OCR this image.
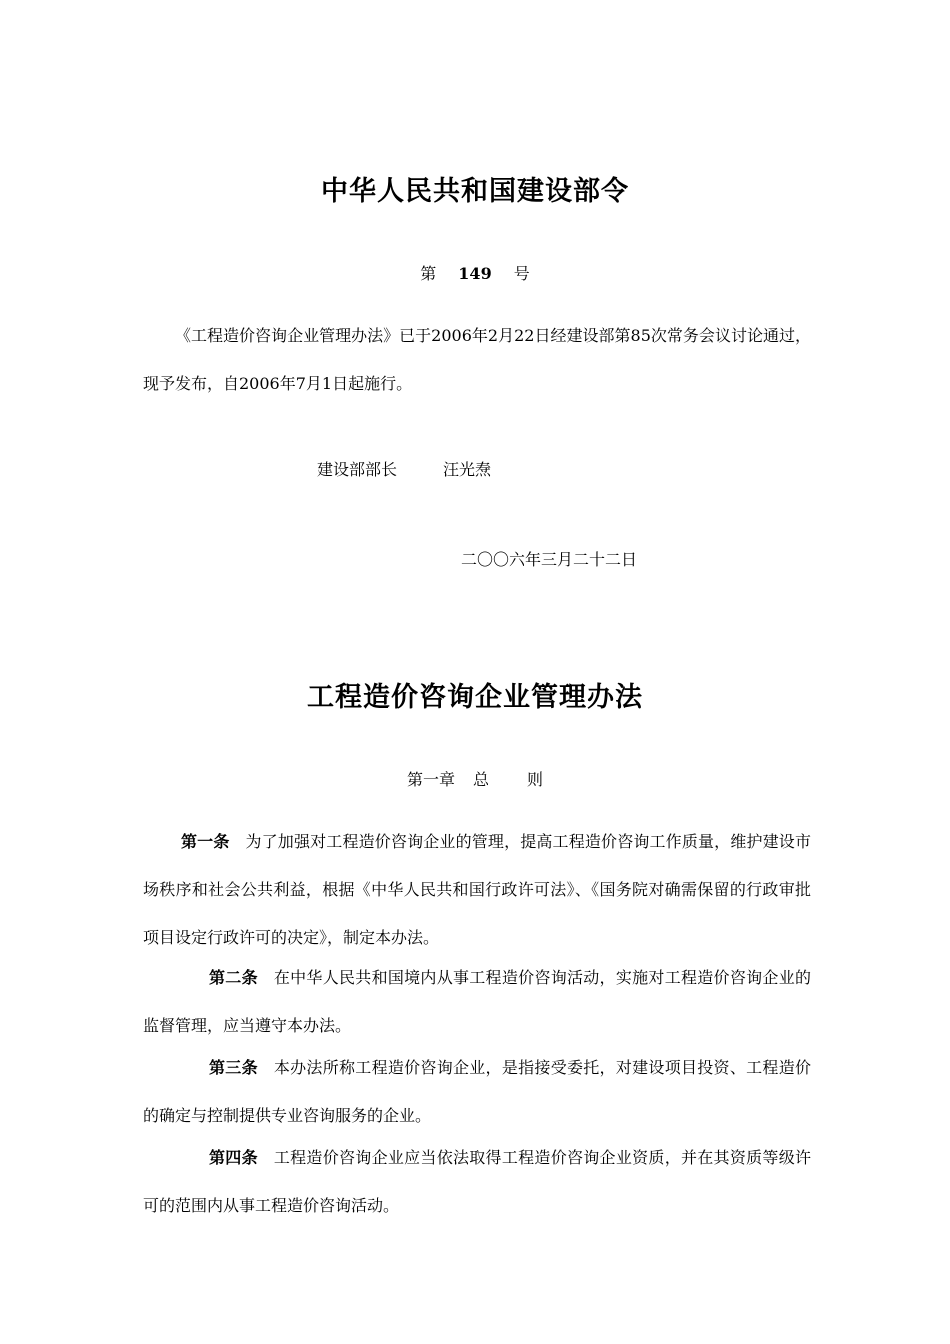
中华人民共和国建设部令
第 149 号
《工程造价咨询企业管理办法》已于2006年2月22日经建设部第85次常务会议讨论通过，现予发布，自2006年7月1日起施行。
建设部部长	汪光焘
二〇〇六年三月二十二日
工程造价咨询企业管理办法
第一章 总 则
第一条 为了加强对工程造价咨询企业的管理，提高工程造价咨询工作质量，维护建设市场秩序和社会公共利益，根据《中华人民共和国行政许可法》、《国务院对确需保留的行政审批项目设定行政许可的决定》，制定本办法。
第二条 在中华人民共和国境内从事工程造价咨询活动，实施对工程造价咨询企业的监督管理，应当遵守本办法。
第三条 本办法所称工程造价咨询企业，是指接受委托，对建设项目投资、工程造价的确定与控制提供专业咨询服务的企业。
第四条 工程造价咨询企业应当依法取得工程造价咨询企业资质，并在其资质等级许可的范围内从事工程造价咨询活动。
